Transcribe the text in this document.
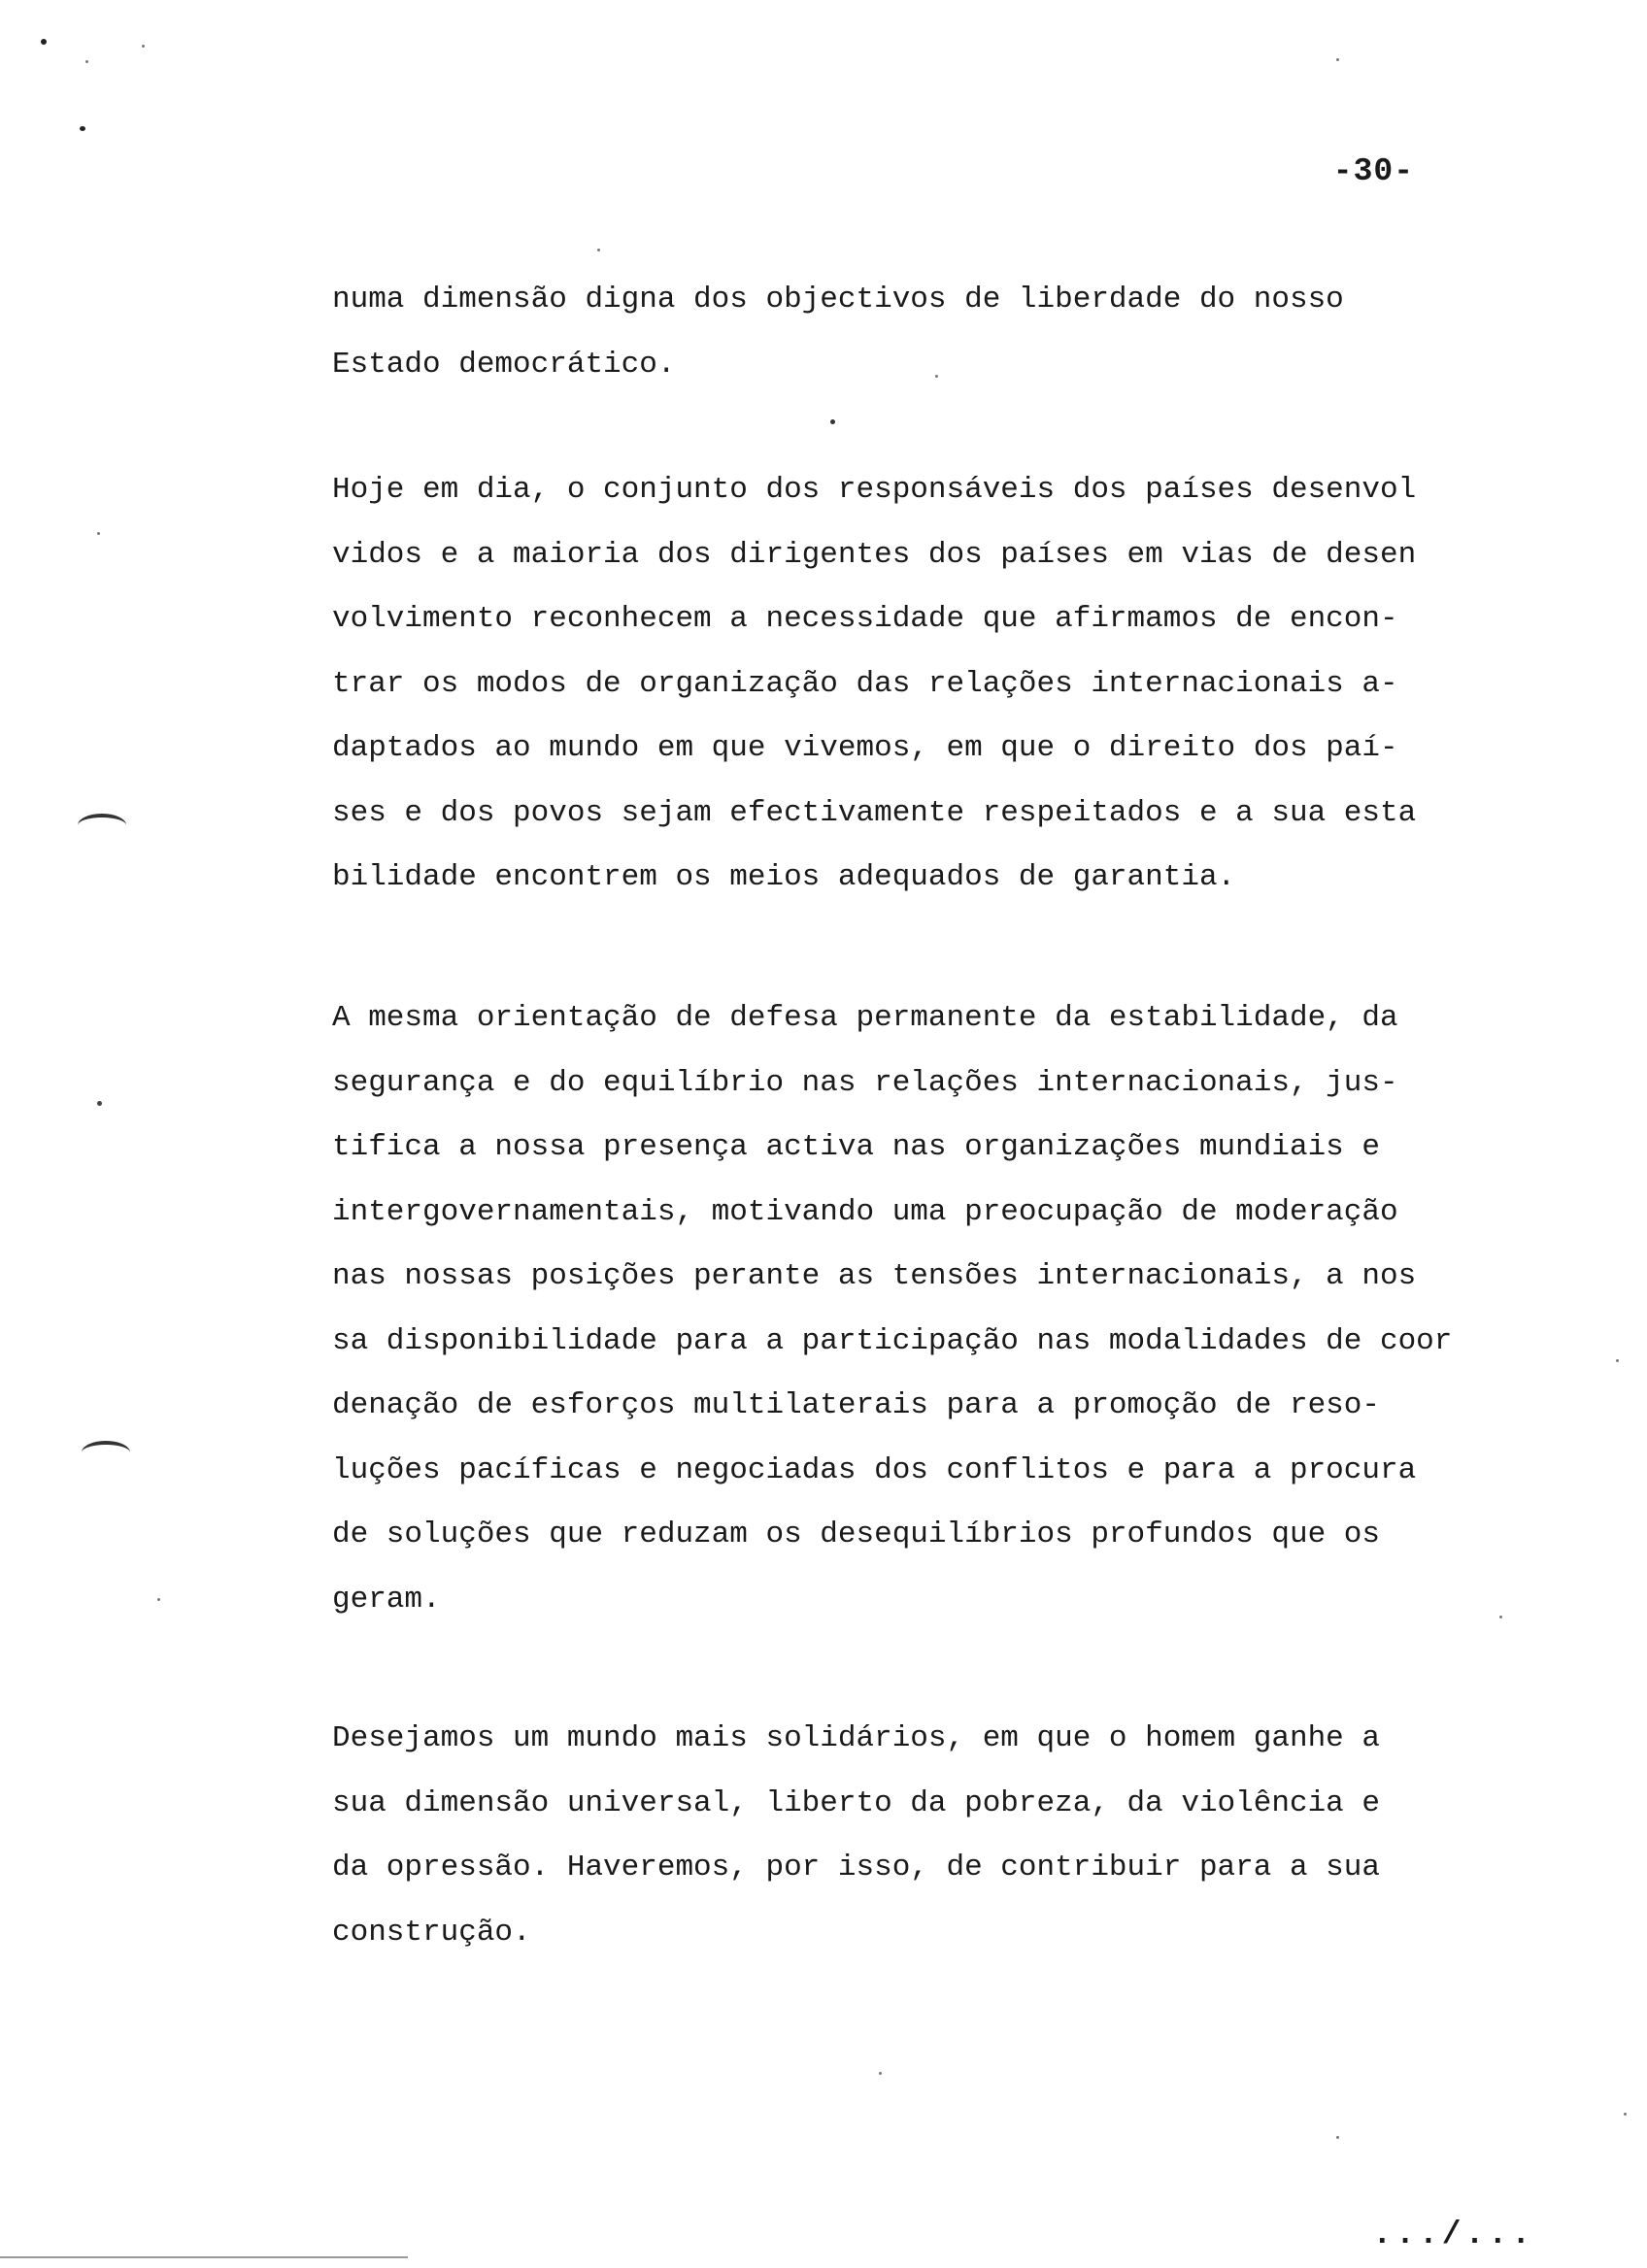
-30-
numa dimensão digna dos objectivos de liberdade do nosso
Estado democrático.
Hoje em dia, o conjunto dos responsáveis dos países desenvol
vidos e a maioria dos dirigentes dos países em vias de desen
volvimento reconhecem a necessidade que afirmamos de encon-
trar os modos de organização das relações internacionais a-
daptados ao mundo em que vivemos, em que o direito dos paí-
ses e dos povos sejam efectivamente respeitados e a sua esta
bilidade encontrem os meios adequados de garantia.
A mesma orientação de defesa permanente da estabilidade, da
segurança e do equilíbrio nas relações internacionais, jus-
tifica a nossa presença activa nas organizações mundiais e
intergovernamentais, motivando uma preocupação de moderação
nas nossas posições perante as tensões internacionais, a nos
sa disponibilidade para a participação nas modalidades de coor
denação de esforços multilaterais para a promoção de reso-
luções pacíficas e negociadas dos conflitos e para a procura
de soluções que reduzam os desequilíbrios profundos que os
geram.
Desejamos um mundo mais solidários, em que o homem ganhe a
sua dimensão universal, liberto da pobreza, da violência e
da opressão. Haveremos, por isso, de contribuir para a sua
construção.
.../...
